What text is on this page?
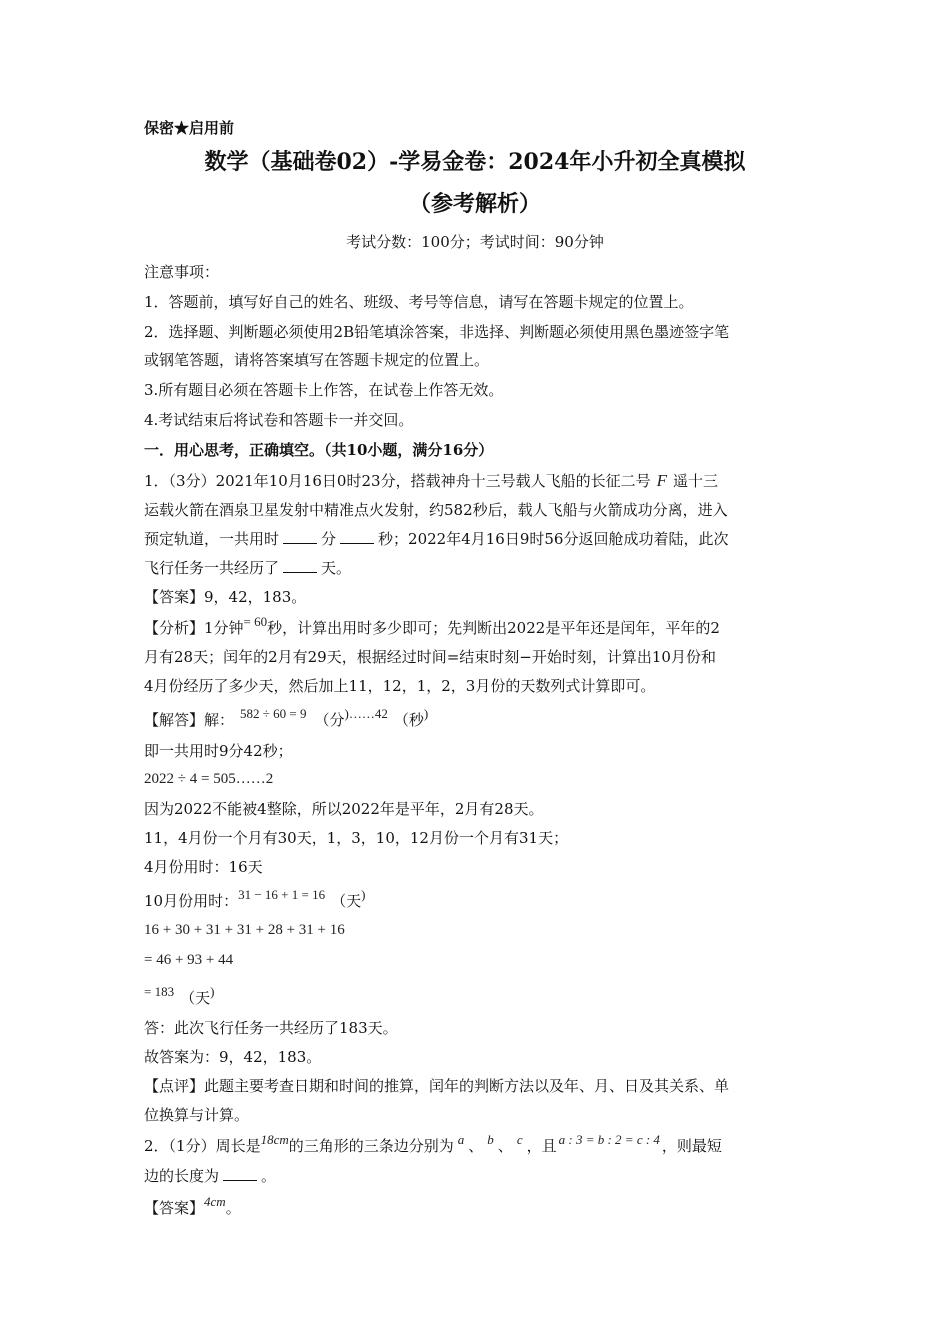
保密★启用前
数学（基础卷02）-学易金卷：2024年小升初全真模拟
（参考解析）
考试分数：100分；考试时间：90分钟
注意事项：
1．答题前，填写好自己的姓名、班级、考号等信息，请写在答题卡规定的位置上。
2．选择题、判断题必须使用2B铅笔填涂答案，非选择、判断题必须使用黑色墨迹签字笔
或钢笔答题，请将答案填写在答题卡规定的位置上。
3.所有题目必须在答题卡上作答，在试卷上作答无效。
4.考试结束后将试卷和答题卡一并交回。
一．用心思考，正确填空。（共10小题，满分16分）
1．（3分）2021年10月16日0时23分，搭载神舟十三号载人飞船的长征二号 F 遥十三
运载火箭在酒泉卫星发射中精准点火发射，约582秒后，载人飞船与火箭成功分离，进入
预定轨道，一共用时	分	秒；2022年4月16日9时56分返回舱成功着陆，此次
飞行任务一共经历了	天。
【答案】9，42，183。
【分析】1分钟= 60秒，计算出用时多少即可；先判断出2022是平年还是闰年，平年的2
月有28天；闰年的2月有29天，根据经过时间=结束时刻−开始时刻，计算出10月份和
4月份经历了多少天，然后加上11，12，1，2，3月份的天数列式计算即可。
【解答】解： 582 ÷ 60 = 9 （分)……42 （秒)
即一共用时9分42秒；
2022 ÷ 4 = 505……2
因为2022不能被4整除，所以2022年是平年，2月有28天。
11，4月份一个月有30天，1，3，10，12月份一个月有31天；
4月份用时：16天
10月份用时：31 − 16 + 1 = 16 （天)
16 + 30 + 31 + 31 + 28 + 31 + 16
= 46 + 93 + 44
= 183 （天)
答：此次飞行任务一共经历了183天。
故答案为：9，42，183。
【点评】此题主要考查日期和时间的推算，闰年的判断方法以及年、月、日及其关系、单
位换算与计算。
2．（1分）周长是18cm的三角形的三条边分别为 a 、 b 、 c ，且 a : 3 = b : 2 = c : 4 ，则最短
边的长度为	。
【答案】4cm。
